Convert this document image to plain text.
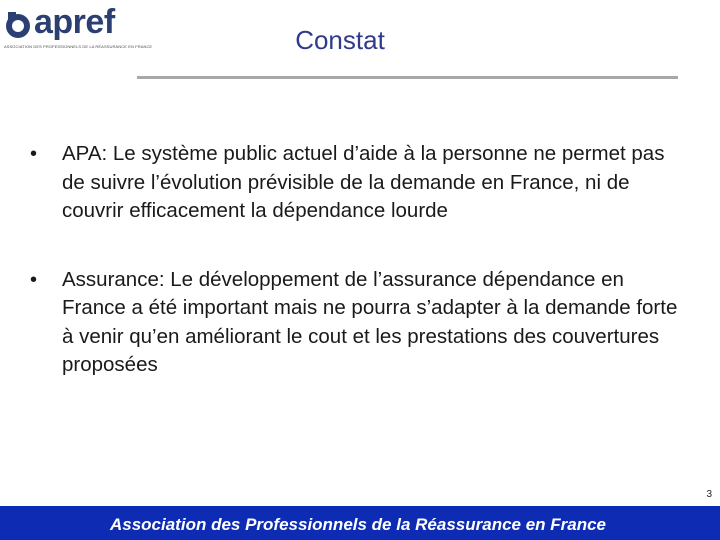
apref
ASSOCIATION DES PROFESSIONNELS DE LA RÉASSURANCE EN FRANCE	Constat
•	APA: Le système public actuel d’aide à la personne ne permet pas de suivre l’évolution prévisible de la demande en France, ni de couvrir efficacement la dépendance lourde
•	Assurance: Le développement de l’assurance dépendance en France a été important mais ne pourra s’adapter à la demande forte à venir qu’en améliorant le cout et les prestations des couvertures proposées
3
Association des Professionnels de la Réassurance en France
